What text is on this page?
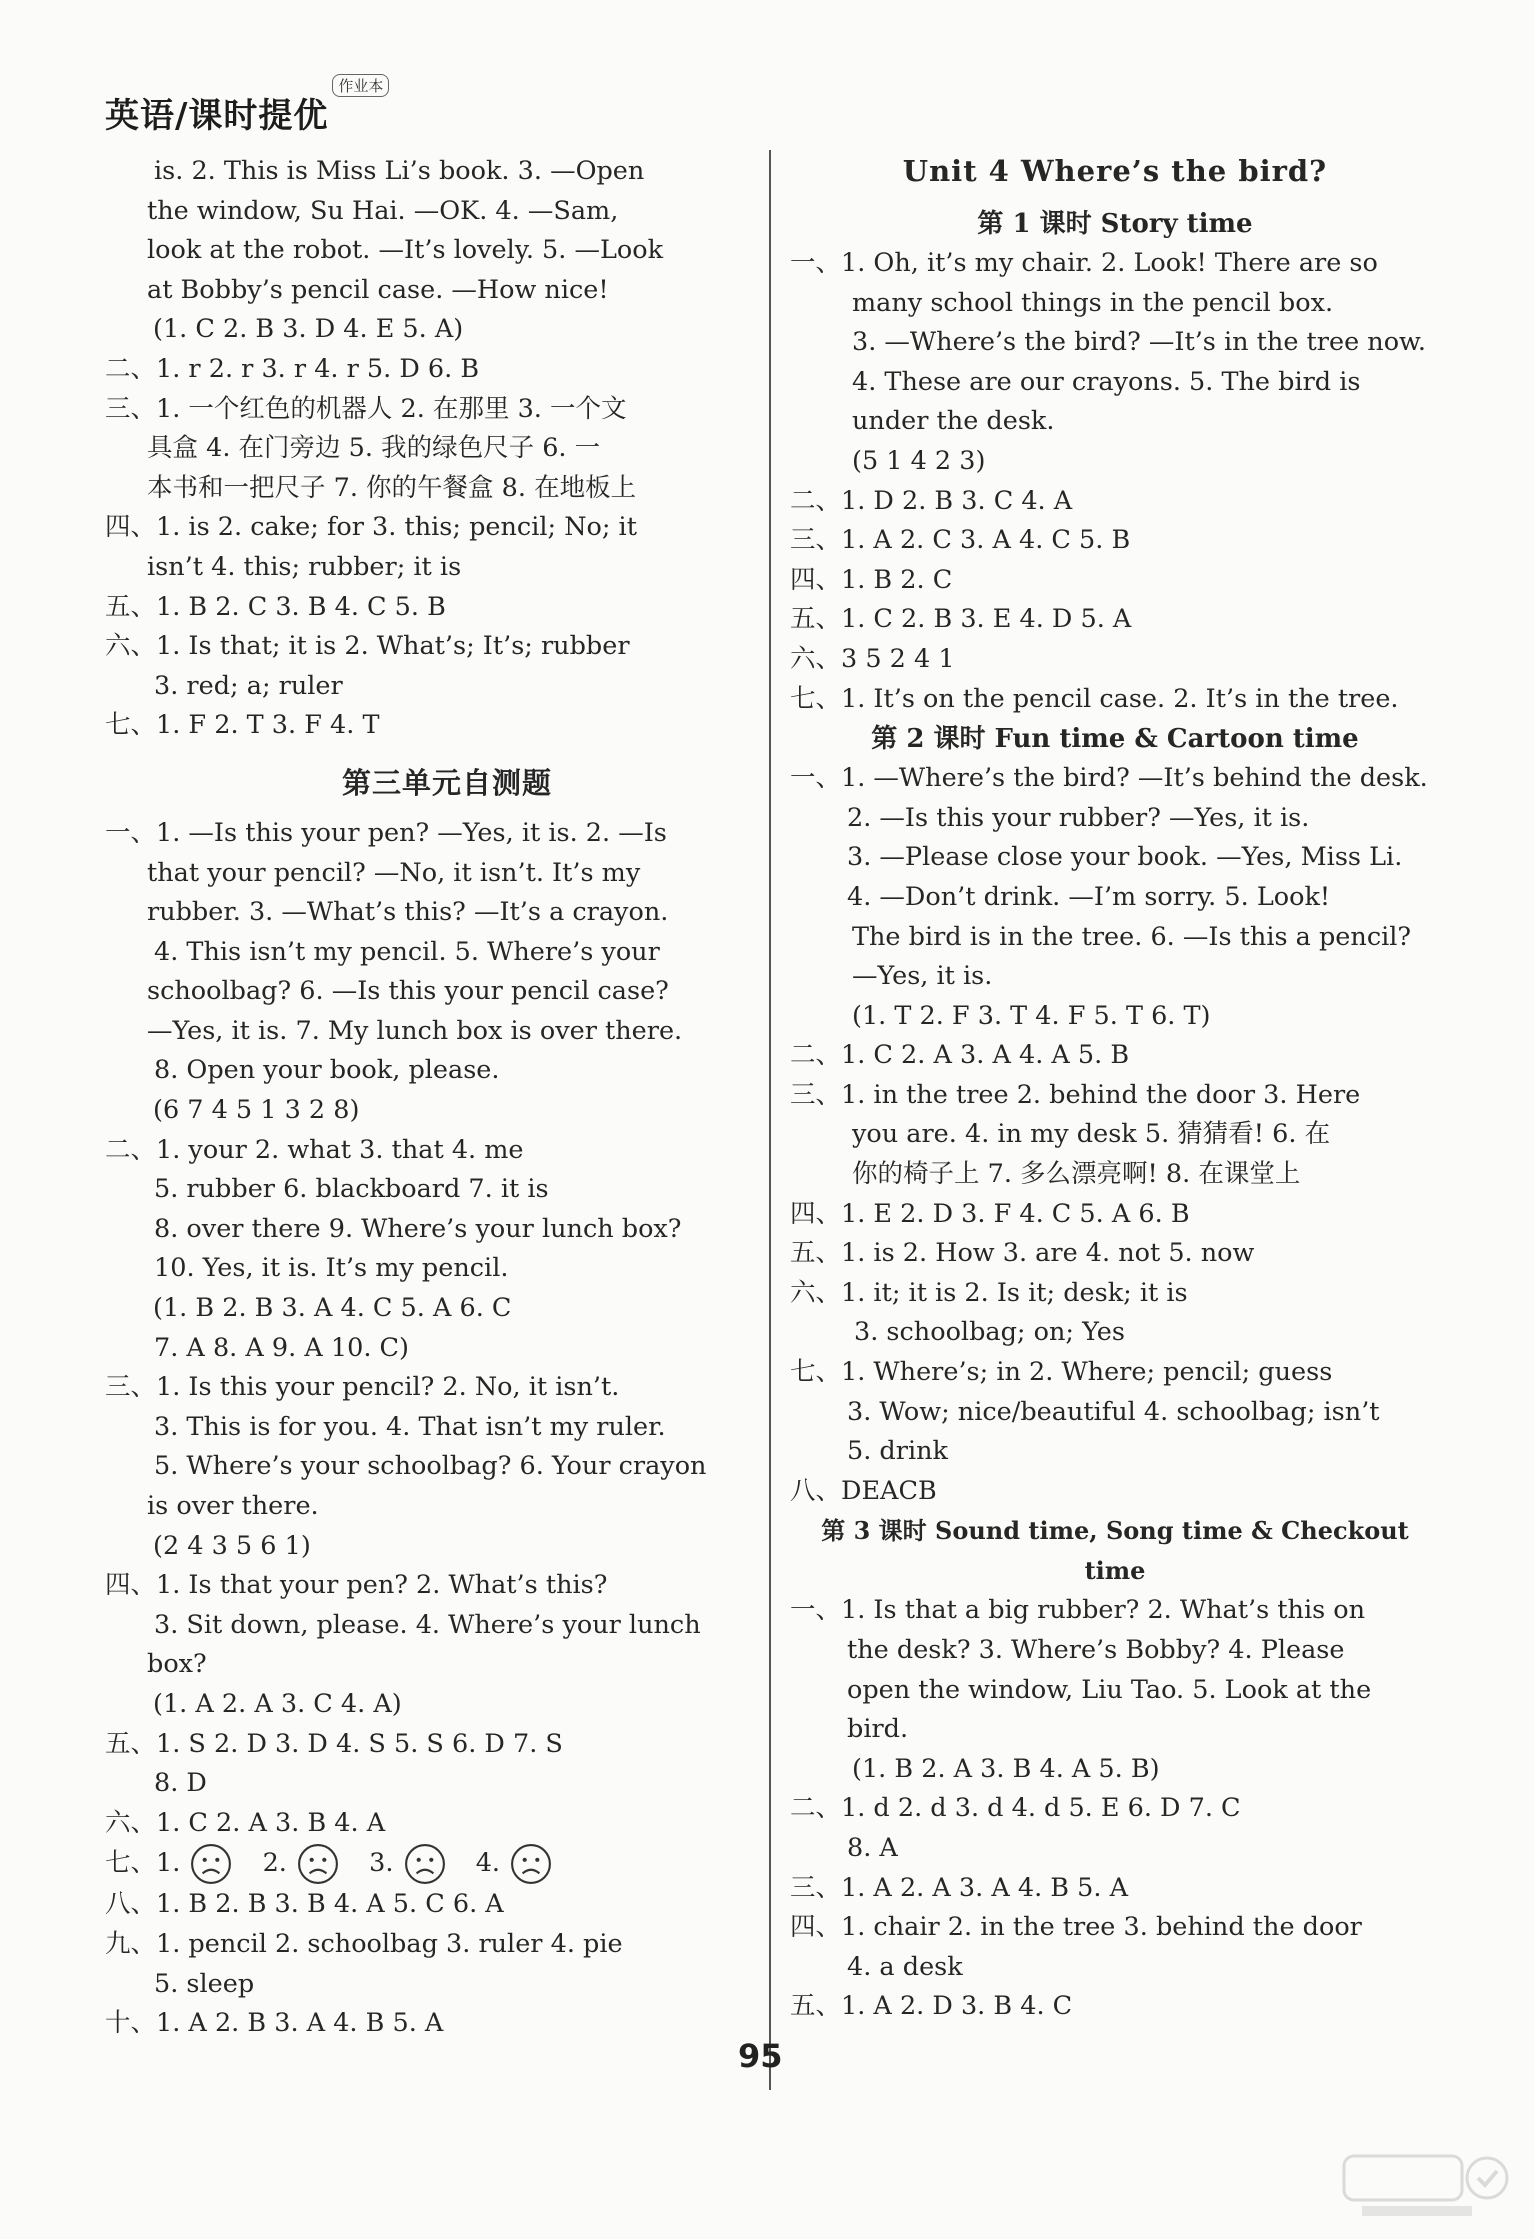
英语/课时提优
作业本
is. 2. This is Miss Li’s book. 3. —Open
the window, Su Hai. —OK. 4. —Sam,
look at the robot. —It’s lovely. 5. —Look
at Bobby’s pencil case. —How nice!
(1. C 2. B 3. D 4. E 5. A)
二、1. r 2. r 3. r 4. r 5. D 6. B
三、1. 一个红色的机器人 2. 在那里 3. 一个文
具盒 4. 在门旁边 5. 我的绿色尺子 6. 一
本书和一把尺子 7. 你的午餐盒 8. 在地板上
四、1. is 2. cake; for 3. this; pencil; No; it
isn’t 4. this; rubber; it is
五、1. B 2. C 3. B 4. C 5. B
六、1. Is that; it is 2. What’s; It’s; rubber
3. red; a; ruler
七、1. F 2. T 3. F 4. T
第三单元自测题
一、1. —Is this your pen? —Yes, it is. 2. —Is
that your pencil? —No, it isn’t. It’s my
rubber. 3. —What’s this? —It’s a crayon.
4. This isn’t my pencil. 5. Where’s your
schoolbag? 6. —Is this your pencil case?
—Yes, it is. 7. My lunch box is over there.
8. Open your book, please.
(6 7 4 5 1 3 2 8)
二、1. your 2. what 3. that 4. me
5. rubber 6. blackboard 7. it is
8. over there 9. Where’s your lunch box?
10. Yes, it is. It’s my pencil.
(1. B 2. B 3. A 4. C 5. A 6. C
7. A 8. A 9. A 10. C)
三、1. Is this your pencil? 2. No, it isn’t.
3. This is for you. 4. That isn’t my ruler.
5. Where’s your schoolbag? 6. Your crayon
is over there.
(2 4 3 5 6 1)
四、1. Is that your pen? 2. What’s this?
3. Sit down, please. 4. Where’s your lunch
box?
(1. A 2. A 3. C 4. A)
五、1. S 2. D 3. D 4. S 5. S 6. D 7. S
8. D
六、1. C 2. A 3. B 4. A
七、1.	2.	3.	4.
八、1. B 2. B 3. B 4. A 5. C 6. A
九、1. pencil 2. schoolbag 3. ruler 4. pie
5. sleep
十、1. A 2. B 3. A 4. B 5. A
Unit 4 Where’s the bird?
第 1 课时 Story time
一、1. Oh, it’s my chair. 2. Look! There are so
many school things in the pencil box.
3. —Where’s the bird? —It’s in the tree now.
4. These are our crayons. 5. The bird is
under the desk.
(5 1 4 2 3)
二、1. D 2. B 3. C 4. A
三、1. A 2. C 3. A 4. C 5. B
四、1. B 2. C
五、1. C 2. B 3. E 4. D 5. A
六、3 5 2 4 1
七、1. It’s on the pencil case. 2. It’s in the tree.
第 2 课时 Fun time & Cartoon time
一、1. —Where’s the bird? —It’s behind the desk.
2. —Is this your rubber? —Yes, it is.
3. —Please close your book. —Yes, Miss Li.
4. —Don’t drink. —I’m sorry. 5. Look!
The bird is in the tree. 6. —Is this a pencil?
—Yes, it is.
(1. T 2. F 3. T 4. F 5. T 6. T)
二、1. C 2. A 3. A 4. A 5. B
三、1. in the tree 2. behind the door 3. Here
you are. 4. in my desk 5. 猜猜看! 6. 在
你的椅子上 7. 多么漂亮啊! 8. 在课堂上
四、1. E 2. D 3. F 4. C 5. A 6. B
五、1. is 2. How 3. are 4. not 5. now
六、1. it; it is 2. Is it; desk; it is
3. schoolbag; on; Yes
七、1. Where’s; in 2. Where; pencil; guess
3. Wow; nice/beautiful 4. schoolbag; isn’t
5. drink
八、DEACB
第 3 课时 Sound time, Song time & Checkout time
一、1. Is that a big rubber? 2. What’s this on
the desk? 3. Where’s Bobby? 4. Please
open the window, Liu Tao. 5. Look at the
bird.
(1. B 2. A 3. B 4. A 5. B)
二、1. d 2. d 3. d 4. d 5. E 6. D 7. C
8. A
三、1. A 2. A 3. A 4. B 5. A
四、1. chair 2. in the tree 3. behind the door
4. a desk
五、1. A 2. D 3. B 4. C
95
